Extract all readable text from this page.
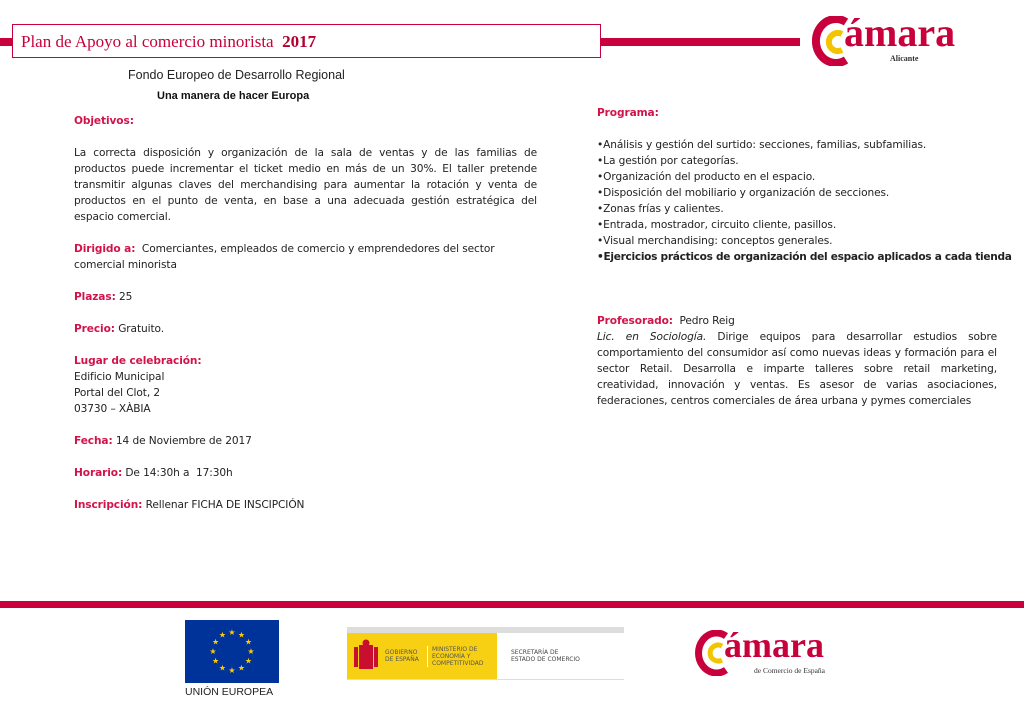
Plan de Apoyo al comercio minorista 2017	ámara
Alicante
Fondo Europeo de Desarrollo Regional
Una manera de hacer Europa

Objetivos:

La correcta disposición y organización de la sala de ventas y de las familias de productos puede incrementar el ticket medio en más de un 30%. El taller pretende transmitir algunas claves del merchandising para aumentar la rotación y venta de productos en el punto de venta, en base a una adecuada gestión estratégica del espacio comercial.

Dirigido a: Comerciantes, empleados de comercio y emprendedores del sector comercial minorista

Plazas: 25

Precio: Gratuito.

Lugar de celebración:

Edificio Municipal

Portal del Clot, 2

03730 – XÀBIA

Fecha: 14 de Noviembre de 2017

Horario: De 14:30h a  17:30h

Inscripción: Rellenar FICHA DE INSCIPCIÓN

Programa:

•Análisis y gestión del surtido: secciones, familias, subfamilias.

•La gestión por categorías.

•Organización del producto en el espacio.

•Disposición del mobiliario y organización de secciones.

•Zonas frías y calientes.

•Entrada, mostrador, circuito cliente, pasillos.

•Visual merchandising: conceptos generales.

•Ejercicios prácticos de organización del espacio aplicados a cada tienda

Profesorado: Pedro Reig

Lic. en Sociología. Dirige equipos para desarrollar estudios sobre comportamiento del consumidor así como nuevas ideas y formación para el sector Retail. Desarrolla e imparte talleres sobre retail marketing, creatividad, innovación y ventas. Es asesor de varias asociaciones, federaciones, centros comerciales de área urbana y pymes comerciales

★ ★
★
★
★
★
★
★
★
★
★
★
UNIÓN EUROPEA
GOBIERNO DE ESPAÑA
MINISTERIO DE ECONOMÍA Y COMPETITIVIDAD
SECRETARÍA DE ESTADO DE COMERCIO	ámara
de Comercio de España
